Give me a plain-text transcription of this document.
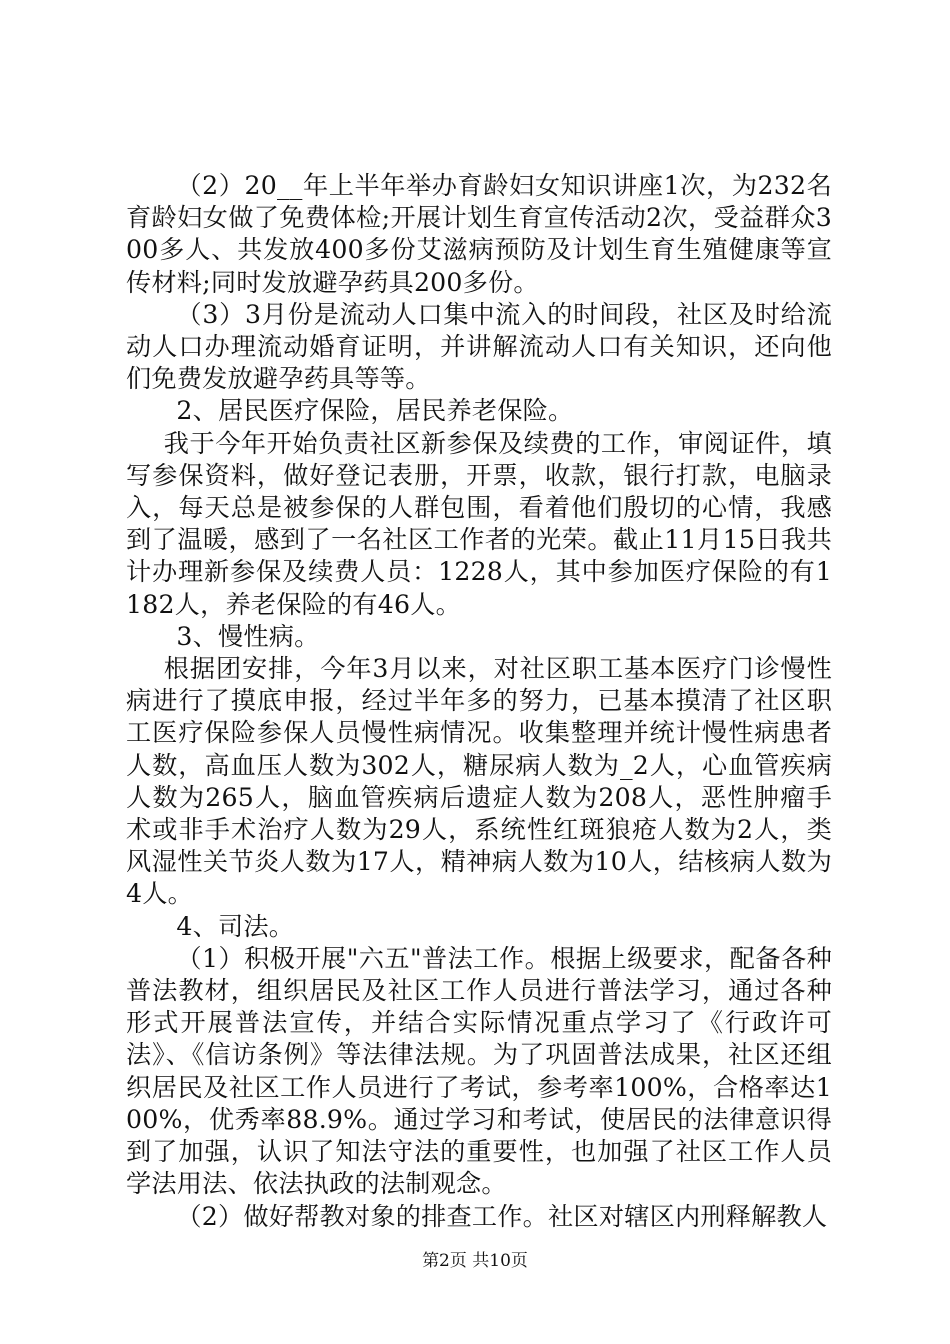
（2）20__年上半年举办育龄妇女知识讲座1次，为232名育龄妇女做了免费体检;开展计划生育宣传活动2次，受益群众300多人、共发放400多份艾滋病预防及计划生育生殖健康等宣传材料;同时发放避孕药具200多份。

（3）3月份是流动人口集中流入的时间段，社区及时给流动人口办理流动婚育证明，并讲解流动人口有关知识，还向他们免费发放避孕药具等等。

2、居民医疗保险，居民养老保险。

我于今年开始负责社区新参保及续费的工作，审阅证件，填写参保资料，做好登记表册，开票，收款，银行打款，电脑录入，每天总是被参保的人群包围，看着他们殷切的心情，我感到了温暖，感到了一名社区工作者的光荣。截止11月15日我共计办理新参保及续费人员：1228人，其中参加医疗保险的有1182人，养老保险的有46人。

3、慢性病。

根据团安排，今年3月以来，对社区职工基本医疗门诊慢性病进行了摸底申报，经过半年多的努力，已基本摸清了社区职工医疗保险参保人员慢性病情况。收集整理并统计慢性病患者人数，高血压人数为302人，糖尿病人数为_2人，心血管疾病人数为265人，脑血管疾病后遗症人数为208人，恶性肿瘤手术或非手术治疗人数为29人，系统性红斑狼疮人数为2人，类风湿性关节炎人数为17人，精神病人数为10人，结核病人数为4人。

4、司法。

（1）积极开展"六五"普法工作。根据上级要求，配备各种普法教材，组织居民及社区工作人员进行普法学习，通过各种形式开展普法宣传，并结合实际情况重点学习了《行政许可法》、《信访条例》等法律法规。为了巩固普法成果，社区还组织居民及社区工作人员进行了考试，参考率100%，合格率达100%，优秀率88.9%。通过学习和考试，使居民的法律意识得到了加强，认识了知法守法的重要性，也加强了社区工作人员学法用法、依法执政的法制观念。

（2）做好帮教对象的排查工作。社区对辖区内刑释解教人

第2页 共10页
